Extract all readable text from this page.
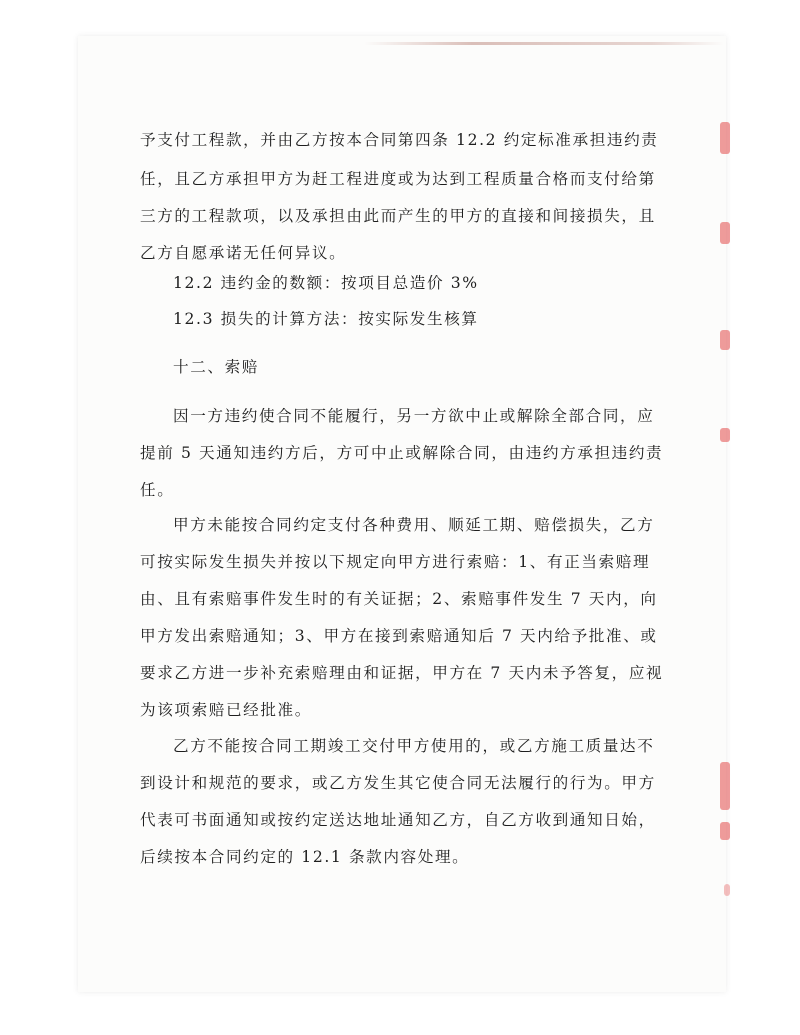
予支付工程款，并由乙方按本合同第四条 12.2 约定标准承担违约责
任，且乙方承担甲方为赶工程进度或为达到工程质量合格而支付给第
三方的工程款项，以及承担由此而产生的甲方的直接和间接损失，且
乙方自愿承诺无任何异议。
12.2 违约金的数额：按项目总造价 3%
12.3 损失的计算方法：按实际发生核算
十二、索赔
因一方违约使合同不能履行，另一方欲中止或解除全部合同，应
提前 5 天通知违约方后，方可中止或解除合同，由违约方承担违约责
任。
甲方未能按合同约定支付各种费用、顺延工期、赔偿损失，乙方
可按实际发生损失并按以下规定向甲方进行索赔：1、有正当索赔理
由、且有索赔事件发生时的有关证据；2、索赔事件发生 7 天内，向
甲方发出索赔通知；3、甲方在接到索赔通知后 7 天内给予批准、或
要求乙方进一步补充索赔理由和证据，甲方在 7 天内未予答复，应视
为该项索赔已经批准。
乙方不能按合同工期竣工交付甲方使用的，或乙方施工质量达不
到设计和规范的要求，或乙方发生其它使合同无法履行的行为。甲方
代表可书面通知或按约定送达地址通知乙方，自乙方收到通知日始，
后续按本合同约定的 12.1 条款内容处理。
